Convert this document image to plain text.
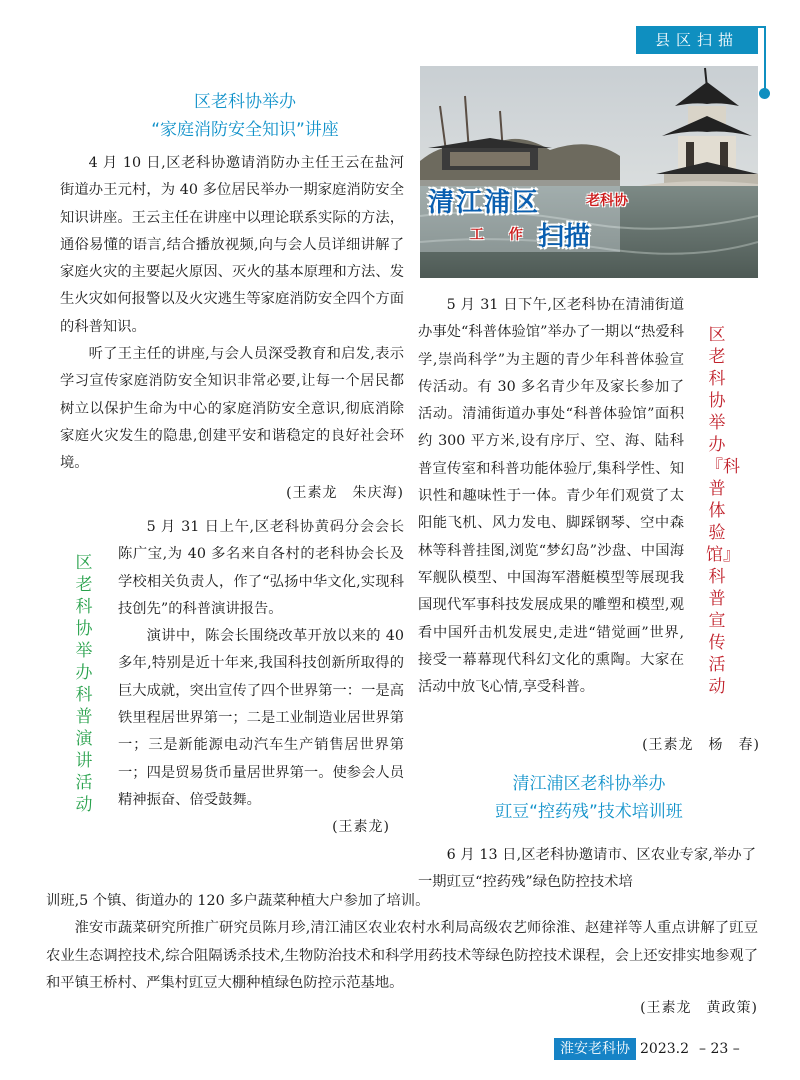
县区扫描
区老科协举办
“家庭消防安全知识”讲座

4 月 10 日,区老科协邀请消防办主任王云在盐河街道办王元村，为 40 多位居民举办一期家庭消防安全知识讲座。王云主任在讲座中以理论联系实际的方法，通俗易懂的语言,结合播放视频,向与会人员详细讲解了家庭火灾的主要起火原因、灭火的基本原理和方法、发生火灾如何报警以及火灾逃生等家庭消防安全四个方面的科普知识。

听了王主任的讲座,与会人员深受教育和启发,表示学习宣传家庭消防安全知识非常必要,让每一个居民都树立以保护生命为中心的家庭消防安全意识,彻底消除家庭火灾发生的隐患,创建平安和谐稳定的良好社会环境。

(王素龙　朱庆海)

区老科协举办科普演讲活动

5 月 31 日上午,区老科协黄码分会会长陈广宝,为 40 多名来自各村的老科协会长及学校相关负责人，作了“弘扬中华文化,实现科技创先”的科普演讲报告。

演讲中，陈会长围绕改革开放以来的 40 多年,特别是近十年来,我国科技创新所取得的巨大成就，突出宣传了四个世界第一：一是高铁里程居世界第一；二是工业制造业居世界第一；三是新能源电动汽车生产销售居世界第一；四是贸易货币量居世界第一。使参会人员精神振奋、倍受鼓舞。

(王素龙)

清江浦区	老科协
工 作 扫描

5 月 31 日下午,区老科协在清浦街道办事处“科普体验馆”举办了一期以“热爱科学,崇尚科学”为主题的青少年科普体验宣传活动。有 30 多名青少年及家长参加了活动。清浦街道办事处“科普体验馆”面积约 300 平方米,设有序厅、空、海、陆科普宣传室和科普功能体验厅,集科学性、知识性和趣味性于一体。青少年们观赏了太阳能飞机、风力发电、脚踩钢琴、空中森林等科普挂图,浏览“梦幻岛”沙盘、中国海军舰队模型、中国海军潜艇模型等展现我国现代军事科技发展成果的雕塑和模型,观看中国歼击机发展史,走进“错觉画”世界,接受一幕幕现代科幻文化的熏陶。大家在活动中放飞心情,享受科普。

(王素龙　杨　春)
区老科协举办『科普体验馆』科普宣传活动
清江浦区老科协举办
豇豆“控药残”技术培训班

6 月 13 日,区老科协邀请市、区农业专家,举办了一期豇豆“控药残”绿色防控技术培

训班,5 个镇、街道办的 120 多户蔬菜种植大户参加了培训。

淮安市蔬菜研究所推广研究员陈月珍,清江浦区农业农村水利局高级农艺师徐淮、赵建祥等人重点讲解了豇豆农业生态调控技术,综合阻隔诱杀技术,生物防治技术和科学用药技术等绿色防控技术课程，会上还安排实地参观了和平镇王桥村、严集村豇豆大棚种植绿色防控示范基地。

(王素龙　黄政策)

淮安老科协 2023.2 – 23 –
